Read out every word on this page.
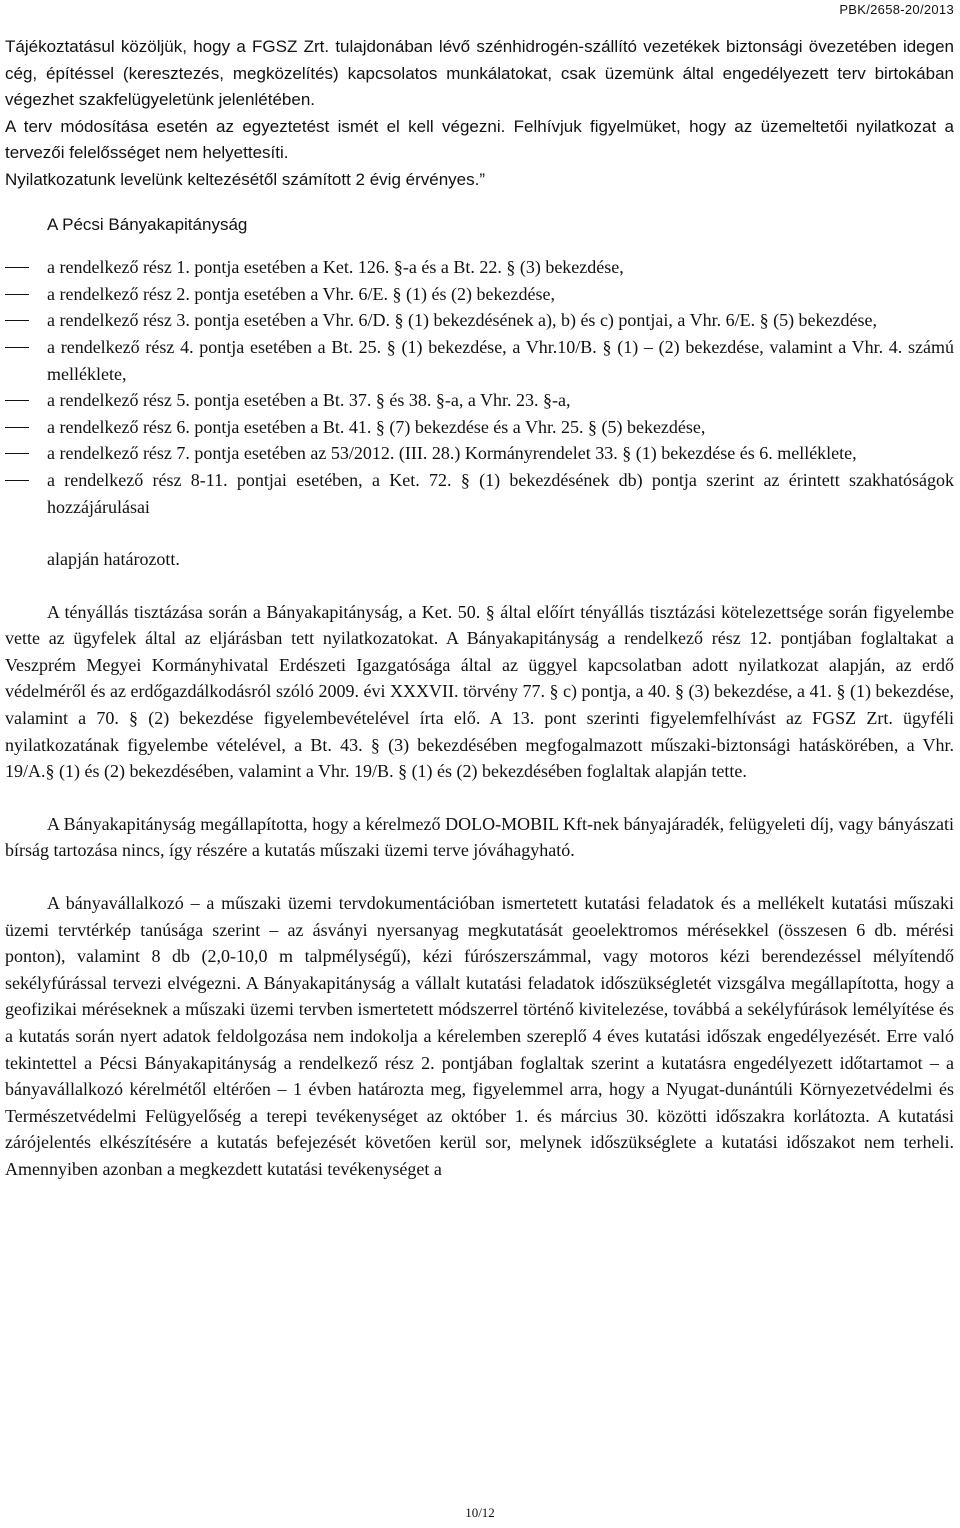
PBK/2658-20/2013

Tájékoztatásul közöljük, hogy a FGSZ Zrt. tulajdonában lévő szénhidrogén-szállító vezetékek biztonsági övezetében idegen cég, építéssel (keresztezés, megközelítés) kapcsolatos munkálatokat, csak üzemünk által engedélyezett terv birtokában végezhet szakfelügyeletünk jelenlétében.

A terv módosítása esetén az egyeztetést ismét el kell végezni. Felhívjuk figyelmüket, hogy az üzemeltetői nyilatkozat a tervezői felelősséget nem helyettesíti.

Nyilatkozatunk levelünk keltezésétől számított 2 évig érvényes.”

A Pécsi Bányakapitányság
a rendelkező rész 1. pontja esetében a Ket. 126. §-a és a Bt. 22. § (3) bekezdése,
a rendelkező rész 2. pontja esetében a Vhr. 6/E. § (1) és (2) bekezdése,
a rendelkező rész 3. pontja esetében a Vhr. 6/D. § (1) bekezdésének a), b) és c) pontjai, a Vhr. 6/E. § (5) bekezdése,
a rendelkező rész 4. pontja esetében a Bt. 25. § (1) bekezdése, a Vhr.10/B. § (1) – (2) bekezdése, valamint a Vhr. 4. számú melléklete,
a rendelkező rész 5. pontja esetében a Bt. 37. § és 38. §-a, a Vhr. 23. §-a,
a rendelkező rész 6. pontja esetében a Bt. 41. § (7) bekezdése és a Vhr. 25. § (5) bekezdése,
a rendelkező rész 7. pontja esetében az 53/2012. (III. 28.) Kormányrendelet 33. § (1) bekezdése és 6. melléklete,
a rendelkező rész 8-11. pontjai esetében, a Ket. 72. § (1) bekezdésének db) pontja szerint az érintett szakhatóságok hozzájárulásai

alapján határozott.

A tényállás tisztázása során a Bányakapitányság, a Ket. 50. § által előírt tényállás tisztázási kötelezettsége során figyelembe vette az ügyfelek által az eljárásban tett nyilatkozatokat. A Bányakapitányság a rendelkező rész 12. pontjában foglaltakat a Veszprém Megyei Kormányhivatal Erdészeti Igazgatósága által az üggyel kapcsolatban adott nyilatkozat alapján, az erdő védelméről és az erdőgazdálkodásról szóló 2009. évi XXXVII. törvény 77. § c) pontja, a 40. § (3) bekezdése, a 41. § (1) bekezdése, valamint a 70. § (2) bekezdése figyelembevételével írta elő. A 13. pont szerinti figyelemfelhívást az FGSZ Zrt. ügyféli nyilatkozatának figyelembe vételével, a Bt. 43. § (3) bekezdésében megfogalmazott műszaki-biztonsági hatáskörében, a Vhr. 19/A.§ (1) és (2) bekezdésében, valamint a Vhr. 19/B. § (1) és (2) bekezdésében foglaltak alapján tette.

A Bányakapitányság megállapította, hogy a kérelmező DOLO-MOBIL Kft-nek bányajáradék, felügyeleti díj, vagy bányászati bírság tartozása nincs, így részére a kutatás műszaki üzemi terve jóváhagyható.

A bányavállalkozó – a műszaki üzemi tervdokumentációban ismertetett kutatási feladatok és a mellékelt kutatási műszaki üzemi tervtérkép tanúsága szerint – az ásványi nyersanyag megkutatását geoelektromos mérésekkel (összesen 6 db. mérési ponton), valamint 8 db (2,0-10,0 m talpmélységű), kézi fúrószerszámmal, vagy motoros kézi berendezéssel mélyítendő sekélyfúrással tervezi elvégezni. A Bányakapitányság a vállalt kutatási feladatok időszükségletét vizsgálva megállapította, hogy a geofizikai méréseknek a műszaki üzemi tervben ismertetett módszerrel történő kivitelezése, továbbá a sekélyfúrások lemélyítése és a kutatás során nyert adatok feldolgozása nem indokolja a kérelemben szereplő 4 éves kutatási időszak engedélyezését. Erre való tekintettel a Pécsi Bányakapitányság a rendelkező rész 2. pontjában foglaltak szerint a kutatásra engedélyezett időtartamot – a bányavállalkozó kérelmétől eltérően – 1 évben határozta meg, figyelemmel arra, hogy a Nyugat-dunántúli Környezetvédelmi és Természetvédelmi Felügyelőség a terepi tevékenységet az október 1. és március 30. közötti időszakra korlátozta. A kutatási zárójelentés elkészítésére a kutatás befejezését követően kerül sor, melynek időszükséglete a kutatási időszakot nem terheli. Amennyiben azonban a megkezdett kutatási tevékenységet a

10/12
